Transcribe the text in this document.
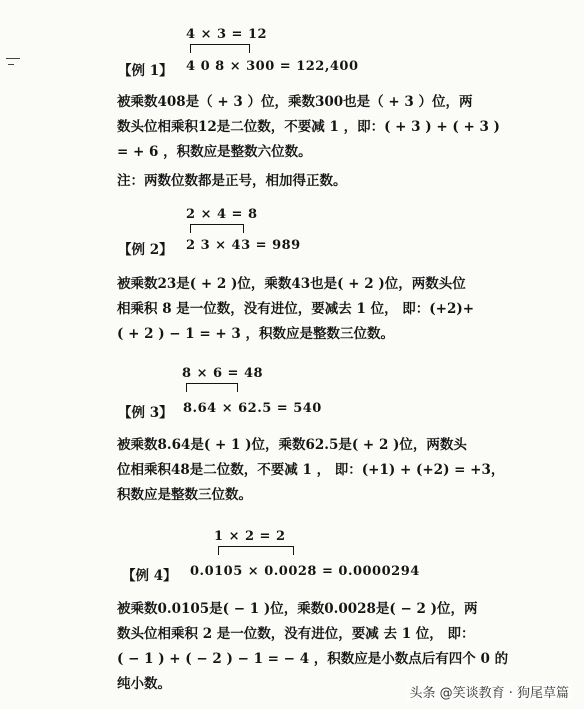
4 × 3 = 12
【例 1】 4 0 8 × 300 = 122,400

被乘数408是（ + 3 ）位，乘数300也是（ + 3 ）位，两

数头位相乘积12是二位数，不要减 1 ，即：( + 3 ) + ( + 3 )

= + 6 ，积数应是整数六位数。

注：两数位数都是正号，相加得正数。

2 × 4 = 8
【例 2】 2 3 × 43 = 989

被乘数23是( + 2 )位，乘数43也是( + 2 )位，两数头位

相乘积 8 是一位数，没有进位，要减去 1 位， 即：(+2)+

( + 2 ) − 1 = + 3 ，积数应是整数三位数。

8 × 6 = 48
【例 3】 8.64 × 62.5 = 540

被乘数8.64是( + 1 )位，乘数62.5是( + 2 )位，两数头

位相乘积48是二位数，不要减 1 ， 即：(+1) + (+2) = +3，

积数应是整数三位数。

1 × 2 = 2
【例 4】 0.0105 × 0.0028 = 0.0000294

被乘数0.0105是( − 1 )位，乘数0.0028是( − 2 )位，两

数头位相乘积 2 是一位数，没有进位，要减 去 1 位， 即：

( − 1 ) + ( − 2 ) − 1 = − 4 ，积数应是小数点后有四个 0 的

纯小数。

头条 @笑谈教育 · 狗尾草篇
